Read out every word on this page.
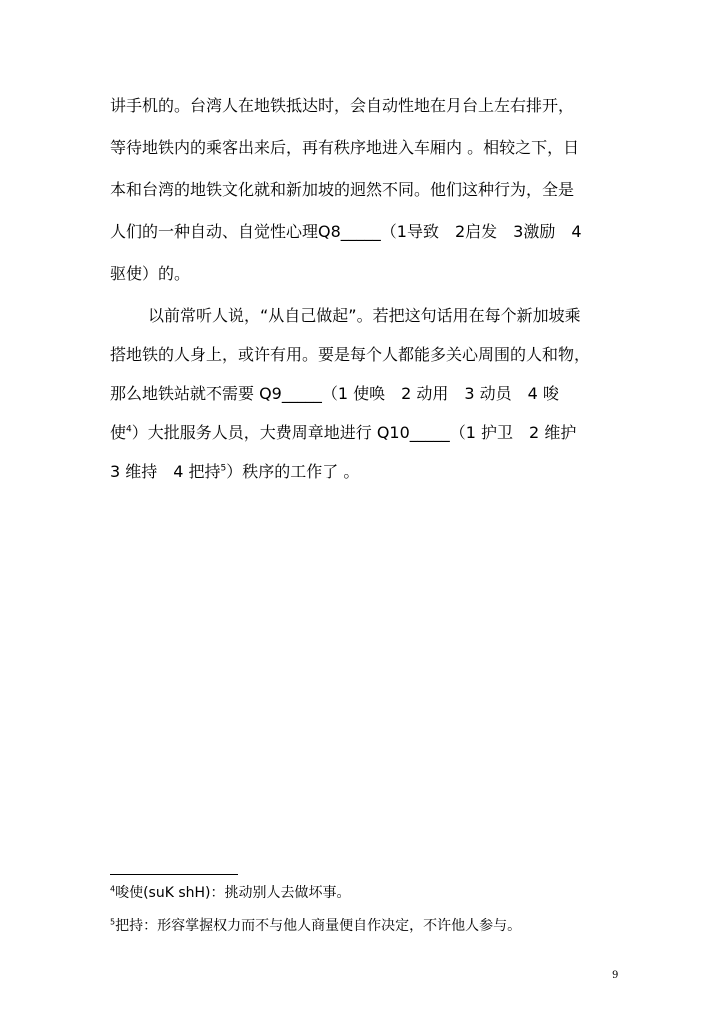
讲手机的。台湾人在地铁抵达时，会自动性地在月台上左右排开，
等待地铁内的乘客出来后，再有秩序地进入车厢内 。相较之下，日
本和台湾的地铁文化就和新加坡的迥然不同。他们这种行为，全是
人们的一种自动、自觉性心理Q8_____（1导致　2启发　3激励　4
驱使）的。
以前常听人说，“从自己做起”。若把这句话用在每个新加坡乘
搭地铁的人身上，或许有用。要是每个人都能多关心周围的人和物，
那么地铁站就不需要 Q9_____（1 使唤　2 动用　3 动员　4 唆
使$^4$）大批服务人员，大费周章地进行 Q10_____（1 护卫　2 维护
3 维持　4 把持$^5$）秩序的工作了 。
$^4$唆使(suK shH)：挑动别人去做坏事。
$^5$把持：形容掌握权力而不与他人商量便自作决定，不许他人参与。
9
